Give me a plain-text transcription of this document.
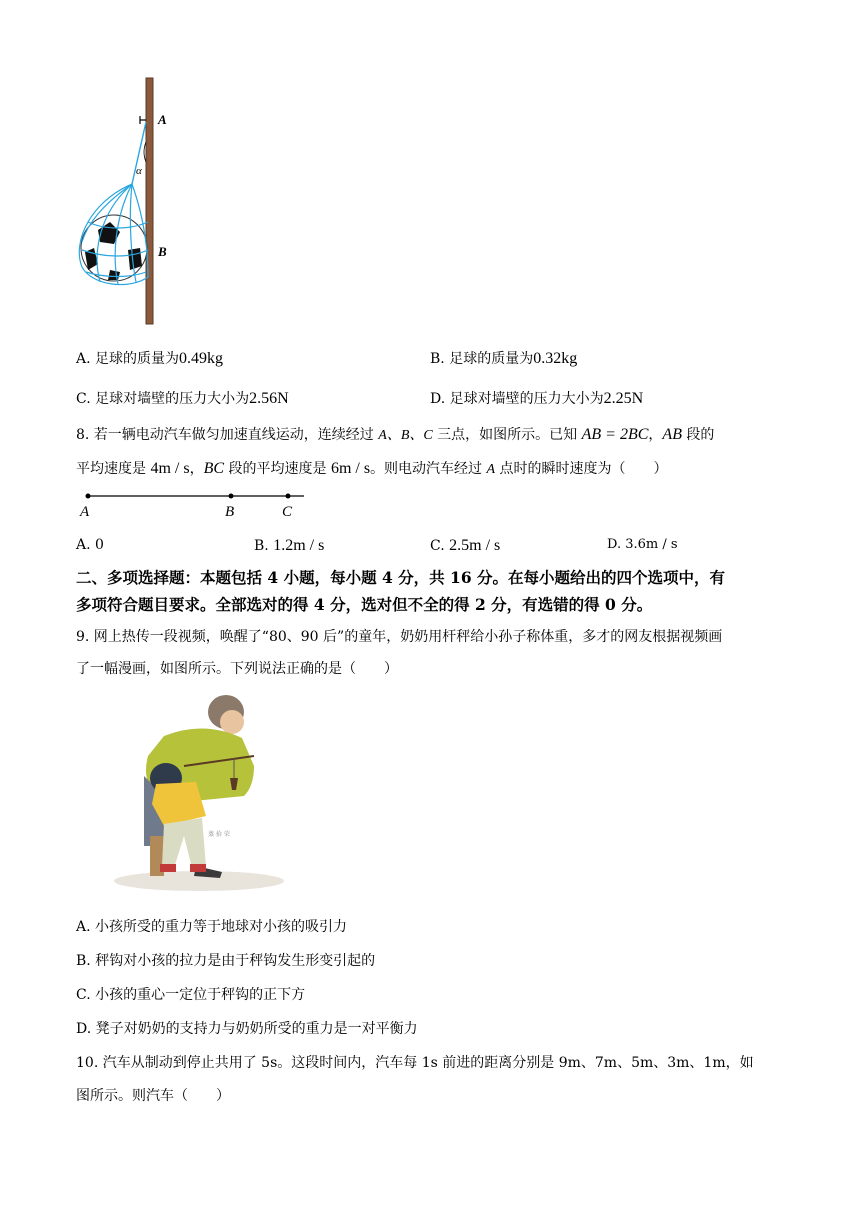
A
α
B
A. 足球的质量为0.49kg	B. 足球的质量为0.32kg
C. 足球对墙壁的压力大小为2.56N	D. 足球对墙壁的压力大小为2.25N
8. 若一辆电动汽车做匀加速直线运动，连续经过 A、B、C 三点，如图所示。已知 AB = 2BC，AB 段的
平均速度是 4m / s，BC 段的平均速度是 6m / s。则电动汽车经过 A 点时的瞬时速度为（　　）
A	B	C
A. 0	B. 1.2m / s	C. 2.5m / s	D. 3.6m / s
二、多项选择题：本题包括 4 小题，每小题 4 分，共 16 分。在每小题给出的四个选项中，有
多项符合题目要求。全部选对的得 4 分，选对但不全的得 2 分，有选错的得 0 分。
9. 网上热传一段视频，唤醒了“80、90 后”的童年，奶奶用杆秤给小孙子称体重，多才的网友根据视频画
了一幅漫画，如图所示。下列说法正确的是（　　）
蒸 拾 荣
A. 小孩所受的重力等于地球对小孩的吸引力
B. 秤钩对小孩的拉力是由于秤钩发生形变引起的
C. 小孩的重心一定位于秤钩的正下方
D. 凳子对奶奶的支持力与奶奶所受的重力是一对平衡力
10. 汽车从制动到停止共用了 5s。这段时间内，汽车每 1s 前进的距离分别是 9m、7m、5m、3m、1m，如
图所示。则汽车（　　）
